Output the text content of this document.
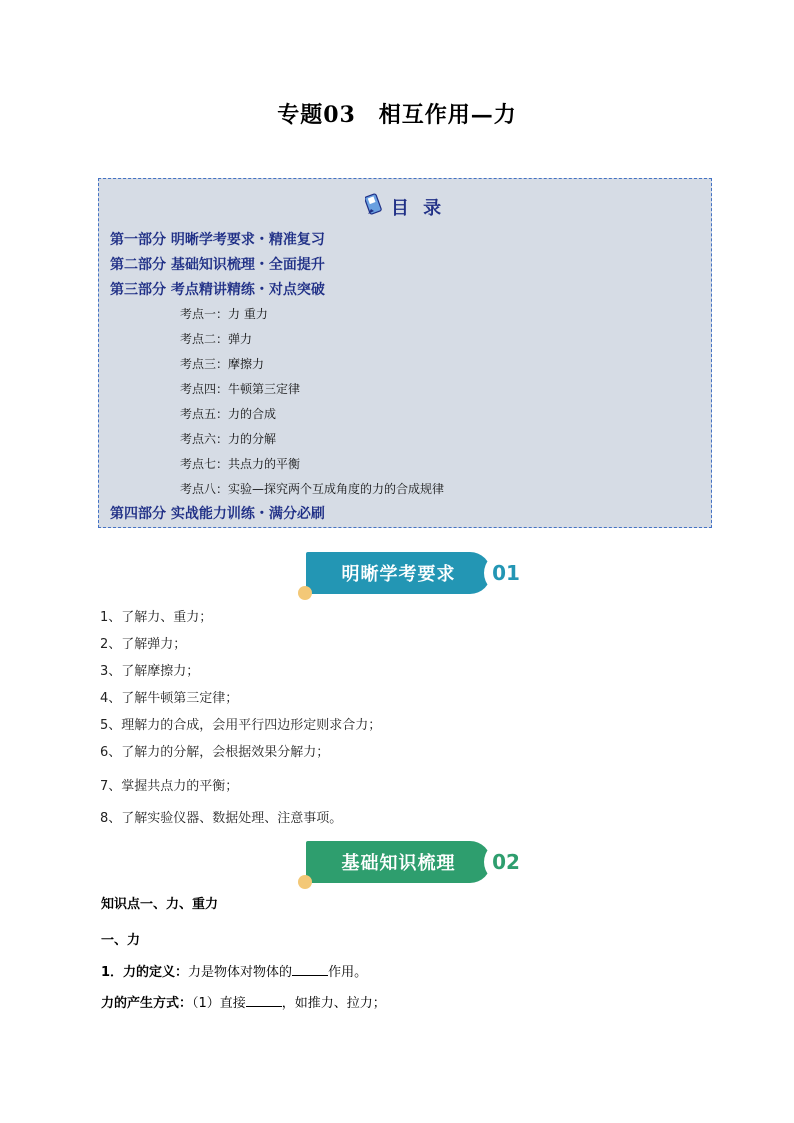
专题03　相互作用—力
目 录
第一部分 明晰学考要求・精准复习
第二部分 基础知识梳理・全面提升
第三部分 考点精讲精练・对点突破
考点一：力 重力
考点二：弹力
考点三：摩擦力
考点四：牛顿第三定律
考点五：力的合成
考点六：力的分解
考点七：共点力的平衡
考点八：实验—探究两个互成角度的力的合成规律
第四部分 实战能力训练・满分必刷
明晰学考要求	01
1、了解力、重力；
2、了解弹力；
3、了解摩擦力；
4、了解牛顿第三定律；
5、理解力的合成，会用平行四边形定则求合力；
6、了解力的分解，会根据效果分解力；
7、掌握共点力的平衡；
8、了解实验仪器、数据处理、注意事项。
基础知识梳理	02
知识点一、力、重力
一、力
1．力的定义：力是物体对物体的	作用。
力的产生方式：（1）直接	，如推力、拉力；
